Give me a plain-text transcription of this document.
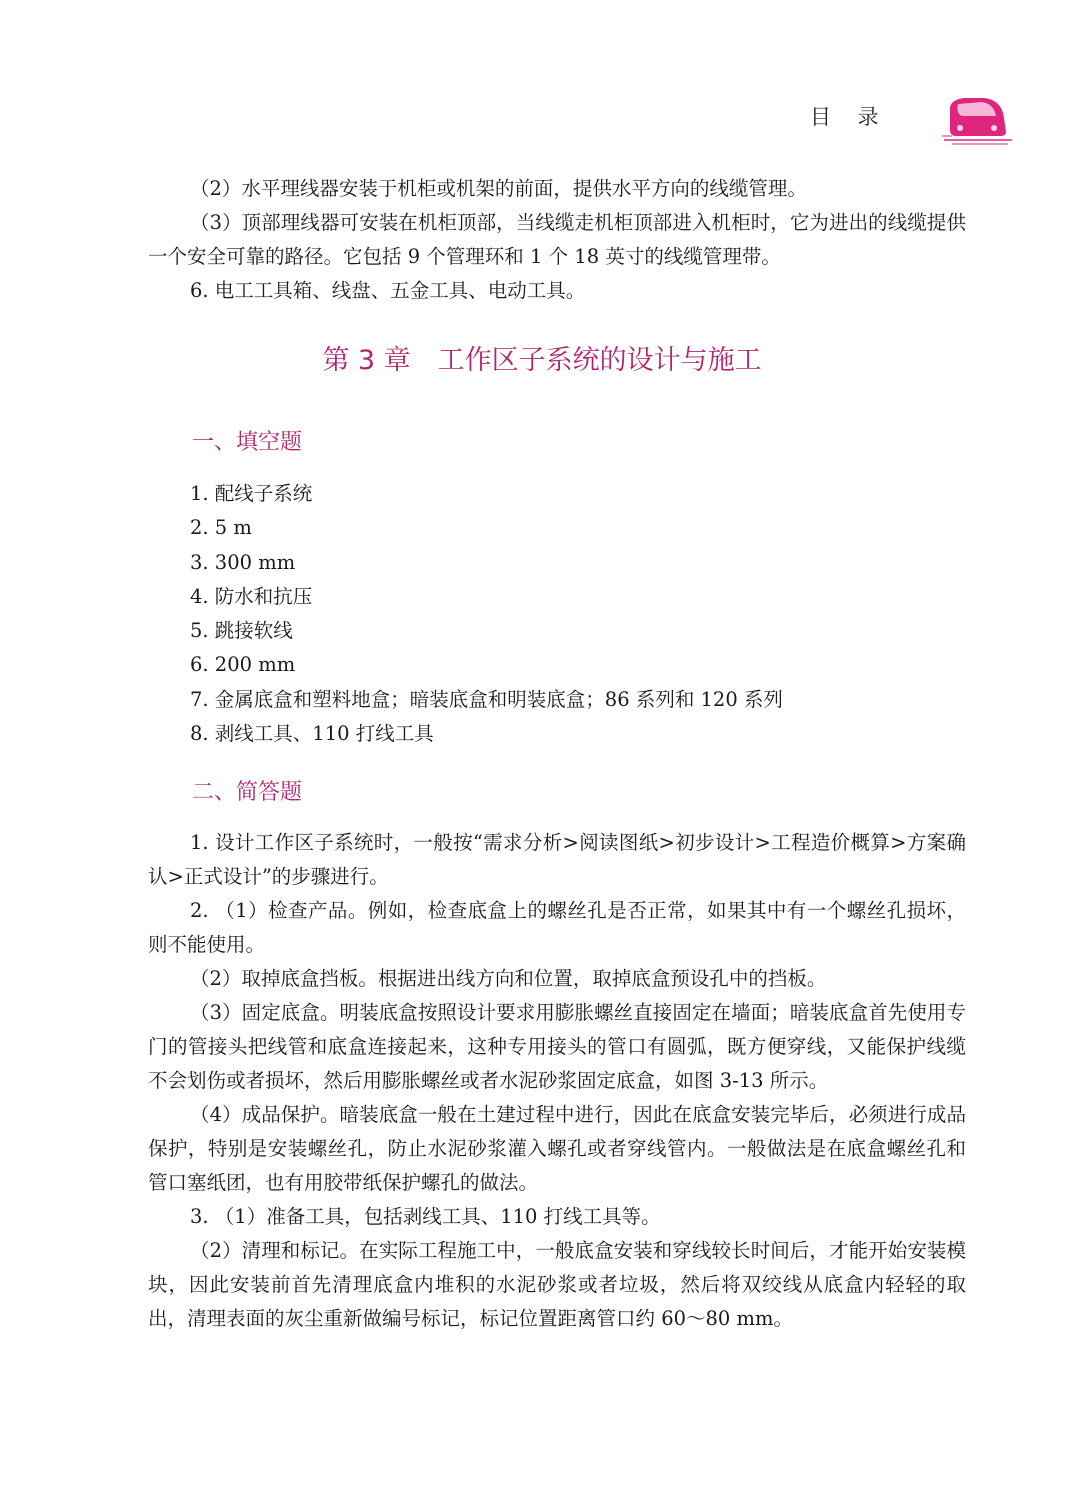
目 录

（2）水平理线器安装于机柜或机架的前面，提供水平方向的线缆管理。

（3）顶部理线器可安装在机柜顶部，当线缆走机柜顶部进入机柜时，它为进出的线缆提供一个安全可靠的路径。它包括 9 个管理环和 1 个 18 英寸的线缆管理带。

6. 电工工具箱、线盘、五金工具、电动工具。

第 3 章　工作区子系统的设计与施工
一、填空题
1. 配线子系统
2. 5 m
3. 300 mm
4. 防水和抗压
5. 跳接软线
6. 200 mm
7. 金属底盒和塑料地盒；暗装底盒和明装底盒；86 系列和 120 系列
8. 剥线工具、110 打线工具
二、简答题

1. 设计工作区子系统时，一般按“需求分析>阅读图纸>初步设计>工程造价概算>方案确认>正式设计”的步骤进行。

2. （1）检查产品。例如，检查底盒上的螺丝孔是否正常，如果其中有一个螺丝孔损坏，则不能使用。

（2）取掉底盒挡板。根据进出线方向和位置，取掉底盒预设孔中的挡板。

（3）固定底盒。明装底盒按照设计要求用膨胀螺丝直接固定在墙面；暗装底盒首先使用专门的管接头把线管和底盒连接起来，这种专用接头的管口有圆弧，既方便穿线，又能保护线缆不会划伤或者损坏，然后用膨胀螺丝或者水泥砂浆固定底盒，如图 3-13 所示。

（4）成品保护。暗装底盒一般在土建过程中进行，因此在底盒安装完毕后，必须进行成品保护，特别是安装螺丝孔，防止水泥砂浆灌入螺孔或者穿线管内。一般做法是在底盒螺丝孔和管口塞纸团，也有用胶带纸保护螺孔的做法。

3. （1）准备工具，包括剥线工具、110 打线工具等。

（2）清理和标记。在实际工程施工中，一般底盒安装和穿线较长时间后，才能开始安装模块，因此安装前首先清理底盒内堆积的水泥砂浆或者垃圾，然后将双绞线从底盒内轻轻的取出，清理表面的灰尘重新做编号标记，标记位置距离管口约 60～80 mm。
